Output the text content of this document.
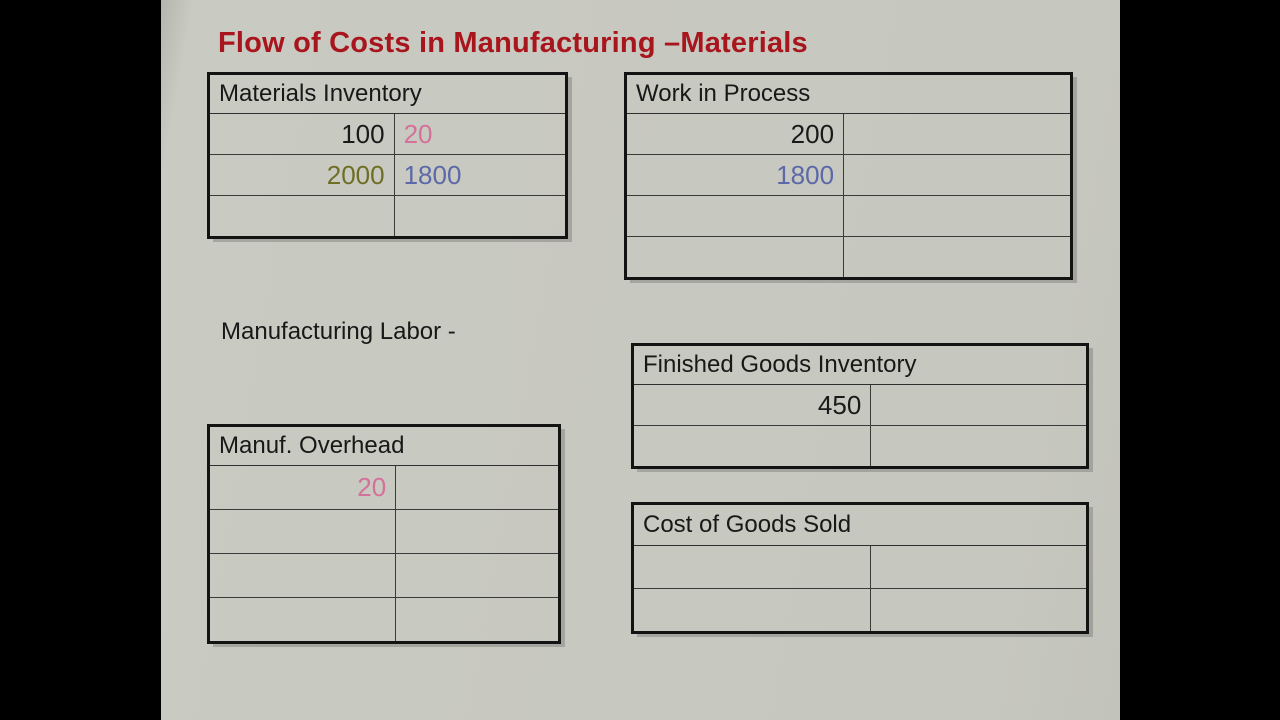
Flow of Costs in Manufacturing –Materials
Materials Inventory
100 20
2000 1800
Work in Process
200
1800
Manufacturing Labor -
Finished Goods Inventory
450
Manuf. Overhead
20
Cost of Goods Sold
